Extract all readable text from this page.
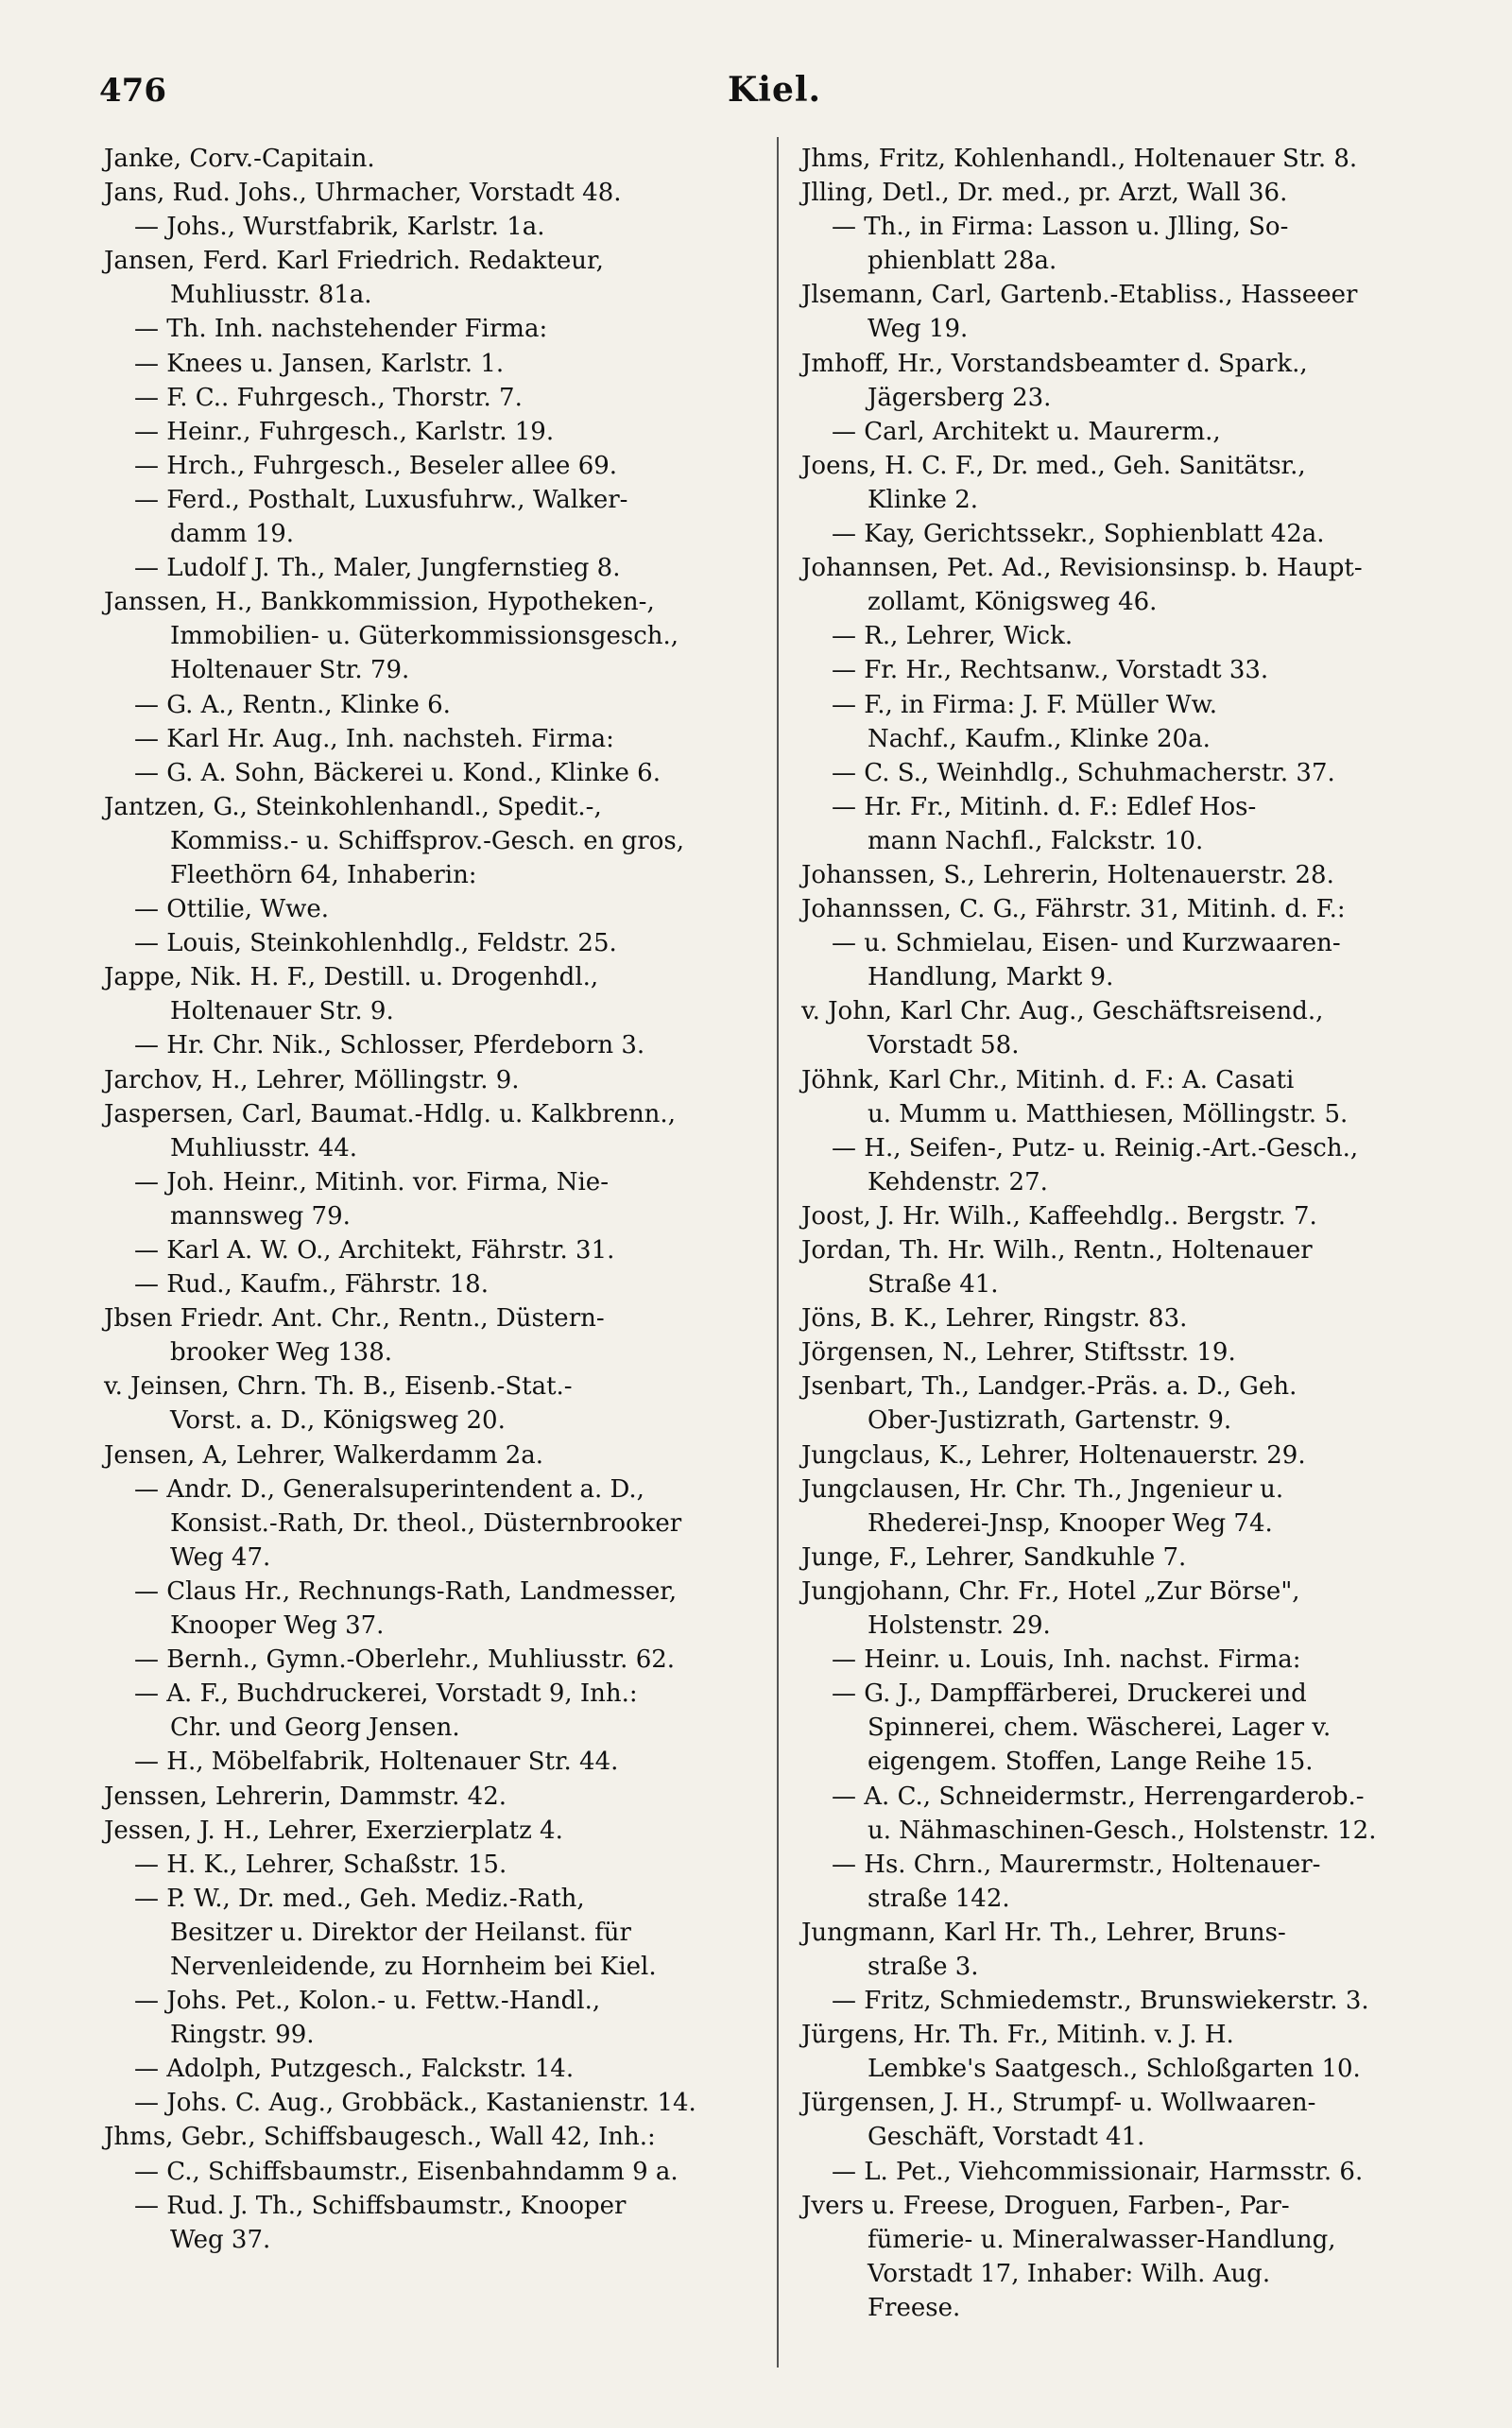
476	Kiel.
Janke, Corv.-Capitain.
Jans, Rud. Johs., Uhrmacher, Vorstadt 48.
— Johs., Wurstfabrik, Karlstr. 1a.
Jansen, Ferd. Karl Friedrich. Redakteur,
Muhliusstr. 81a.
— Th. Inh. nachstehender Firma:
— Knees u. Jansen, Karlstr. 1.
— F. C.. Fuhrgesch., Thorstr. 7.
— Heinr., Fuhrgesch., Karlstr. 19.
— Hrch., Fuhrgesch., Beseler allee 69.
— Ferd., Posthalt, Luxusfuhrw., Walker-
damm 19.
— Ludolf J. Th., Maler, Jungfernstieg 8.
Janssen, H., Bankkommission, Hypotheken-,
Immobilien- u. Güterkommissionsgesch.,
Holtenauer Str. 79.
— G. A., Rentn., Klinke 6.
— Karl Hr. Aug., Inh. nachsteh. Firma:
— G. A. Sohn, Bäckerei u. Kond., Klinke 6.
Jantzen, G., Steinkohlenhandl., Spedit.-,
Kommiss.- u. Schiffsprov.-Gesch. en gros,
Fleethörn 64, Inhaberin:
— Ottilie, Wwe.
— Louis, Steinkohlenhdlg., Feldstr. 25.
Jappe, Nik. H. F., Destill. u. Drogenhdl.,
Holtenauer Str. 9.
— Hr. Chr. Nik., Schlosser, Pferdeborn 3.
Jarchov, H., Lehrer, Möllingstr. 9.
Jaspersen, Carl, Baumat.-Hdlg. u. Kalkbrenn.,
Muhliusstr. 44.
— Joh. Heinr., Mitinh. vor. Firma, Nie-
mannsweg 79.
— Karl A. W. O., Architekt, Fährstr. 31.
— Rud., Kaufm., Fährstr. 18.
Jbsen Friedr. Ant. Chr., Rentn., Düstern-
brooker Weg 138.
v. Jeinsen, Chrn. Th. B., Eisenb.-Stat.-
Vorst. a. D., Königsweg 20.
Jensen, A, Lehrer, Walkerdamm 2a.
— Andr. D., Generalsuperintendent a. D.,
Konsist.-Rath, Dr. theol., Düsternbrooker
Weg 47.
— Claus Hr., Rechnungs-Rath, Landmesser,
Knooper Weg 37.
— Bernh., Gymn.-Oberlehr., Muhliusstr. 62.
— A. F., Buchdruckerei, Vorstadt 9, Inh.:
Chr. und Georg Jensen.
— H., Möbelfabrik, Holtenauer Str. 44.
Jenssen, Lehrerin, Dammstr. 42.
Jessen, J. H., Lehrer, Exerzierplatz 4.
— H. K., Lehrer, Schaßstr. 15.
— P. W., Dr. med., Geh. Mediz.-Rath,
Besitzer u. Direktor der Heilanst. für
Nervenleidende, zu Hornheim bei Kiel.
— Johs. Pet., Kolon.- u. Fettw.-Handl.,
Ringstr. 99.
— Adolph, Putzgesch., Falckstr. 14.
— Johs. C. Aug., Grobbäck., Kastanienstr. 14.
Jhms, Gebr., Schiffsbaugesch., Wall 42, Inh.:
— C., Schiffsbaumstr., Eisenbahndamm 9 a.
— Rud. J. Th., Schiffsbaumstr., Knooper
Weg 37.
Jhms, Fritz, Kohlenhandl., Holtenauer Str. 8.
Jlling, Detl., Dr. med., pr. Arzt, Wall 36.
— Th., in Firma: Lasson u. Jlling, So-
phienblatt 28a.
Jlsemann, Carl, Gartenb.-Etabliss., Hasseeer
Weg 19.
Jmhoff, Hr., Vorstandsbeamter d. Spark.,
Jägersberg 23.
— Carl, Architekt u. Maurerm.,
Joens, H. C. F., Dr. med., Geh. Sanitätsr.,
Klinke 2.
— Kay, Gerichtssekr., Sophienblatt 42a.
Johannsen, Pet. Ad., Revisionsinsp. b. Haupt-
zollamt, Königsweg 46.
— R., Lehrer, Wick.
— Fr. Hr., Rechtsanw., Vorstadt 33.
— F., in Firma: J. F. Müller Ww.
Nachf., Kaufm., Klinke 20a.
— C. S., Weinhdlg., Schuhmacherstr. 37.
— Hr. Fr., Mitinh. d. F.: Edlef Hos-
mann Nachfl., Falckstr. 10.
Johanssen, S., Lehrerin, Holtenauerstr. 28.
Johannssen, C. G., Fährstr. 31, Mitinh. d. F.:
— u. Schmielau, Eisen- und Kurzwaaren-
Handlung, Markt 9.
v. John, Karl Chr. Aug., Geschäftsreisend.,
Vorstadt 58.
Jöhnk, Karl Chr., Mitinh. d. F.: A. Casati
u. Mumm u. Matthiesen, Möllingstr. 5.
— H., Seifen-, Putz- u. Reinig.-Art.-Gesch.,
Kehdenstr. 27.
Joost, J. Hr. Wilh., Kaffeehdlg.. Bergstr. 7.
Jordan, Th. Hr. Wilh., Rentn., Holtenauer
Straße 41.
Jöns, B. K., Lehrer, Ringstr. 83.
Jörgensen, N., Lehrer, Stiftsstr. 19.
Jsenbart, Th., Landger.-Präs. a. D., Geh.
Ober-Justizrath, Gartenstr. 9.
Jungclaus, K., Lehrer, Holtenauerstr. 29.
Jungclausen, Hr. Chr. Th., Jngenieur u.
Rhederei-Jnsp, Knooper Weg 74.
Junge, F., Lehrer, Sandkuhle 7.
Jungjohann, Chr. Fr., Hotel „Zur Börse",
Holstenstr. 29.
— Heinr. u. Louis, Inh. nachst. Firma:
— G. J., Dampffärberei, Druckerei und
Spinnerei, chem. Wäscherei, Lager v.
eigengem. Stoffen, Lange Reihe 15.
— A. C., Schneidermstr., Herrengarderob.-
u. Nähmaschinen-Gesch., Holstenstr. 12.
— Hs. Chrn., Maurermstr., Holtenauer-
straße 142.
Jungmann, Karl Hr. Th., Lehrer, Bruns-
straße 3.
— Fritz, Schmiedemstr., Brunswiekerstr. 3.
Jürgens, Hr. Th. Fr., Mitinh. v. J. H.
Lembke's Saatgesch., Schloßgarten 10.
Jürgensen, J. H., Strumpf- u. Wollwaaren-
Geschäft, Vorstadt 41.
— L. Pet., Viehcommissionair, Harmsstr. 6.
Jvers u. Freese, Droguen, Farben-, Par-
fümerie- u. Mineralwasser-Handlung,
Vorstadt 17, Inhaber: Wilh. Aug.
Freese.
